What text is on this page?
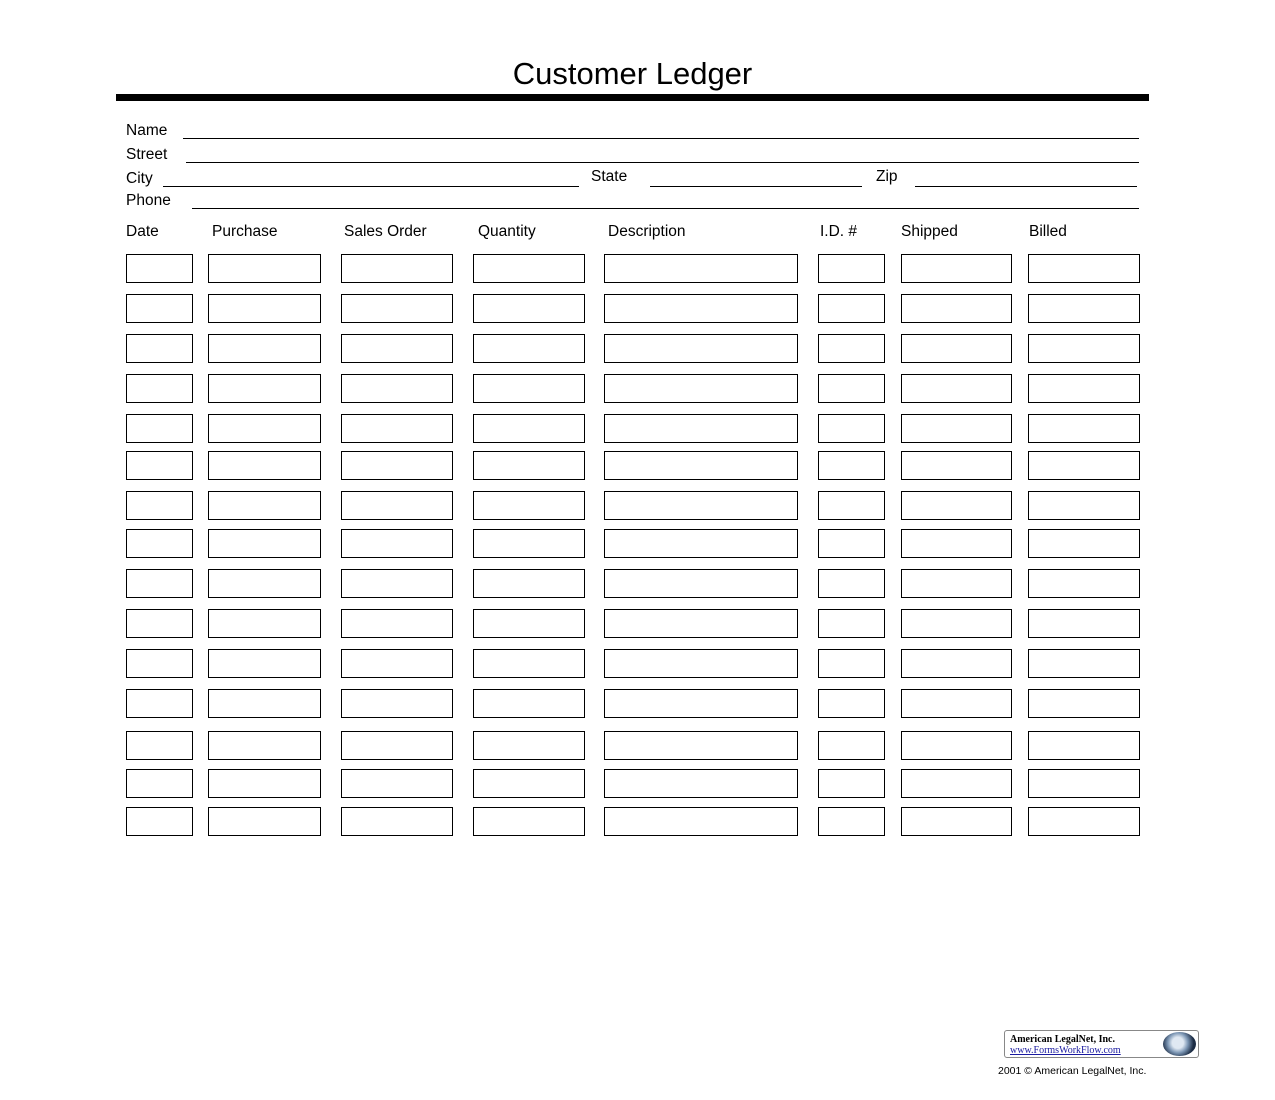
Customer Ledger
Name
Street
City	State	Zip
Phone
Date	Purchase	Sales Order	Quantity	Description	I.D. #	Shipped	Billed
American LegalNet, Inc.
www.FormsWorkFlow.com
2001 © American LegalNet, Inc.
